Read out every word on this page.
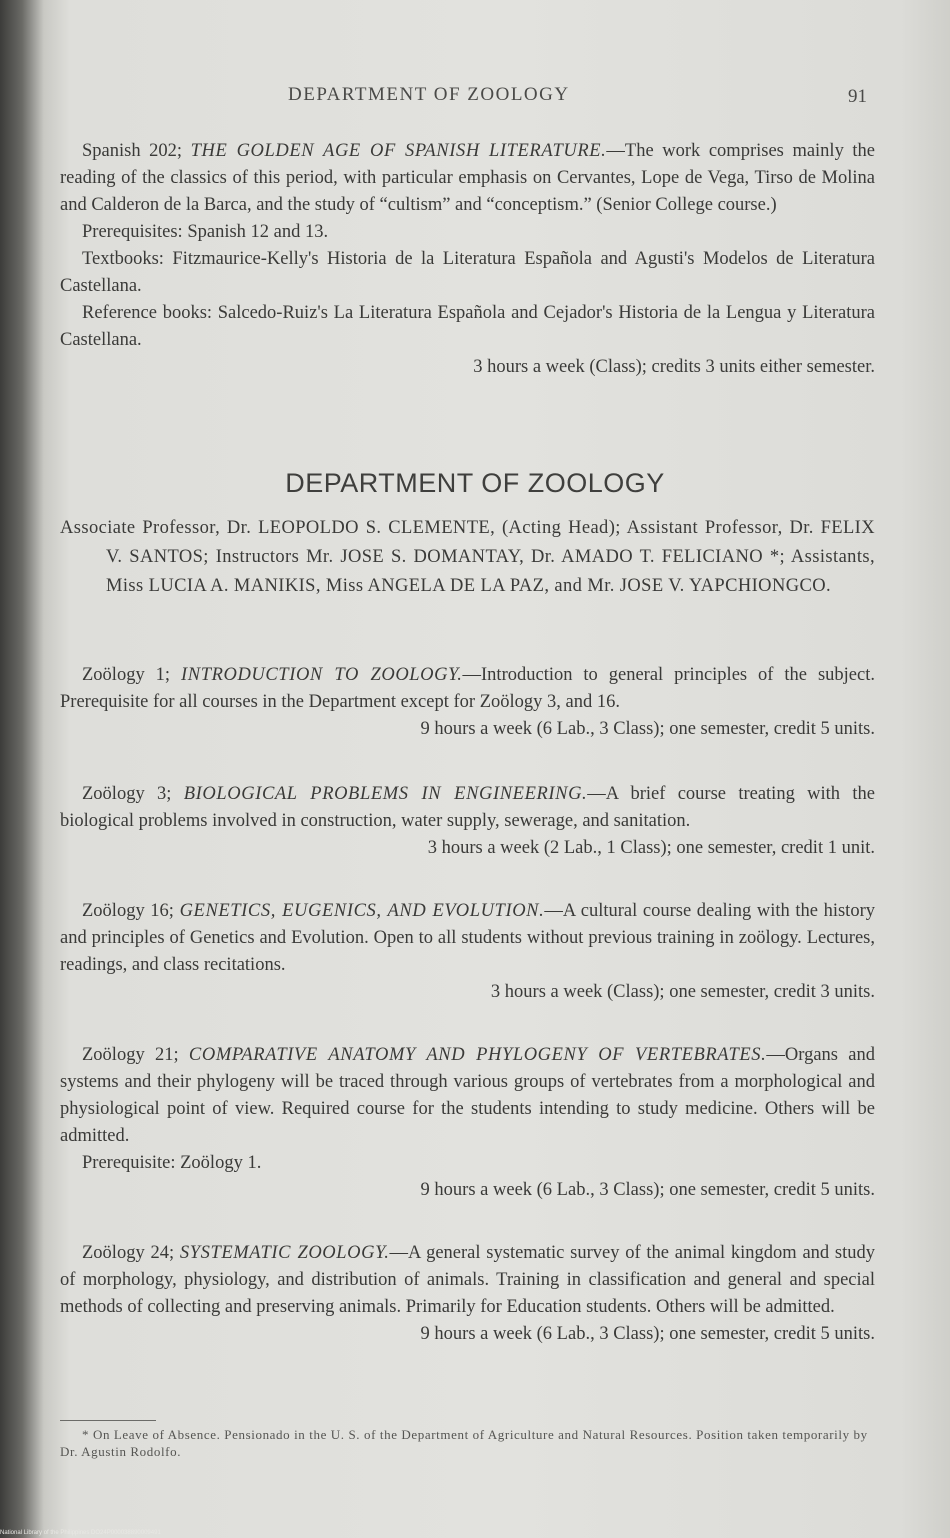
DEPARTMENT OF ZOOLOGY	91

Spanish 202; THE GOLDEN AGE OF SPANISH LITERATURE.—The work comprises mainly the reading of the classics of this period, with particular emphasis on Cervantes, Lope de Vega, Tirso de Molina and Calderon de la Barca, and the study of “cultism” and “conceptism.” (Senior College course.)

Prerequisites: Spanish 12 and 13.

Textbooks: Fitzmaurice-Kelly's Historia de la Literatura Española and Agusti's Modelos de Literatura Castellana.

Reference books: Salcedo-Ruiz's La Literatura Española and Cejador's Historia de la Lengua y Literatura Castellana.

3 hours a week (Class); credits 3 units either semester.

DEPARTMENT OF ZOOLOGY

Associate Professor, Dr. LEOPOLDO S. CLEMENTE, (Acting Head); Assistant Professor, Dr. FELIX V. SANTOS; Instructors Mr. JOSE S. DOMANTAY, Dr. AMADO T. FELICIANO *; Assistants, Miss LUCIA A. MANIKIS, Miss ANGELA DE LA PAZ, and Mr. JOSE V. YAPCHIONGCO.

Zoölogy 1; INTRODUCTION TO ZOOLOGY.—Introduction to general principles of the subject. Prerequisite for all courses in the Department except for Zoölogy 3, and 16.

9 hours a week (6 Lab., 3 Class); one semester, credit 5 units.

Zoölogy 3; BIOLOGICAL PROBLEMS IN ENGINEERING.—A brief course treating with the biological problems involved in construction, water supply, sewerage, and sanitation.

3 hours a week (2 Lab., 1 Class); one semester, credit 1 unit.

Zoölogy 16; GENETICS, EUGENICS, AND EVOLUTION.—A cultural course dealing with the history and principles of Genetics and Evolution. Open to all students without previous training in zoölogy. Lectures, readings, and class recitations.

3 hours a week (Class); one semester, credit 3 units.

Zoölogy 21; COMPARATIVE ANATOMY AND PHYLOGENY OF VERTEBRATES.—Organs and systems and their phylogeny will be traced through various groups of vertebrates from a morphological and physiological point of view. Required course for the students intending to study medicine. Others will be admitted.

Prerequisite: Zoölogy 1.

9 hours a week (6 Lab., 3 Class); one semester, credit 5 units.

Zoölogy 24; SYSTEMATIC ZOOLOGY.—A general systematic survey of the animal kingdom and study of morphology, physiology, and distribution of animals. Training in classification and general and special methods of collecting and preserving animals. Primarily for Education students. Others will be admitted.

9 hours a week (6 Lab., 3 Class); one semester, credit 5 units.

* On Leave of Absence. Pensionado in the U. S. of the Department of Agriculture and Natural Resources. Position taken temporarily by Dr. Agustin Rodolfo.

National Library of the Philippines DO24P000038890009491
